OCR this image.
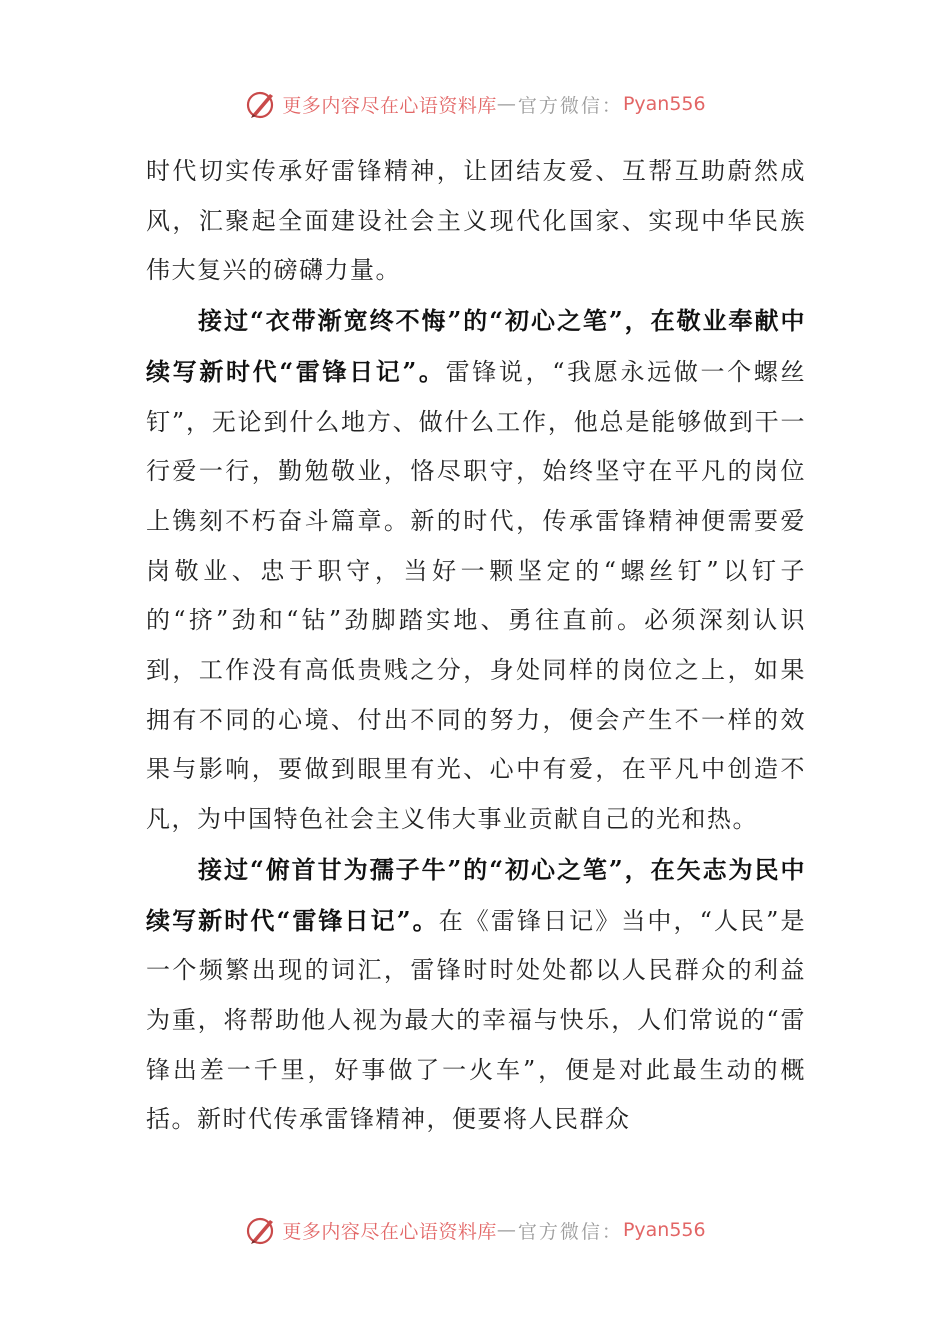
更多内容尽在心语资料库 — 官方微信： Pyan556

时代切实传承好雷锋精神，让团结友爱、互帮互助蔚然成风，汇聚起全面建设社会主义现代化国家、实现中华民族伟大复兴的磅礴力量。

接过“衣带渐宽终不悔”的“初心之笔”，在敬业奉献中续写新时代“雷锋日记”。雷锋说，“我愿永远做一个螺丝钉”，无论到什么地方、做什么工作，他总是能够做到干一行爱一行，勤勉敬业，恪尽职守，始终坚守在平凡的岗位上镌刻不朽奋斗篇章。新的时代，传承雷锋精神便需要爱岗敬业、忠于职守，当好一颗坚定的“螺丝钉”以钉子的“挤”劲和“钻”劲脚踏实地、勇往直前。必须深刻认识到，工作没有高低贵贱之分，身处同样的岗位之上，如果拥有不同的心境、付出不同的努力，便会产生不一样的效果与影响，要做到眼里有光、心中有爱，在平凡中创造不凡，为中国特色社会主义伟大事业贡献自己的光和热。

接过“俯首甘为孺子牛”的“初心之笔”，在矢志为民中续写新时代“雷锋日记”。在《雷锋日记》当中，“人民”是一个频繁出现的词汇，雷锋时时处处都以人民群众的利益为重，将帮助他人视为最大的幸福与快乐，人们常说的“雷锋出差一千里，好事做了一火车”，便是对此最生动的概括。新时代传承雷锋精神，便要将人民群众

更多内容尽在心语资料库 — 官方微信： Pyan556
